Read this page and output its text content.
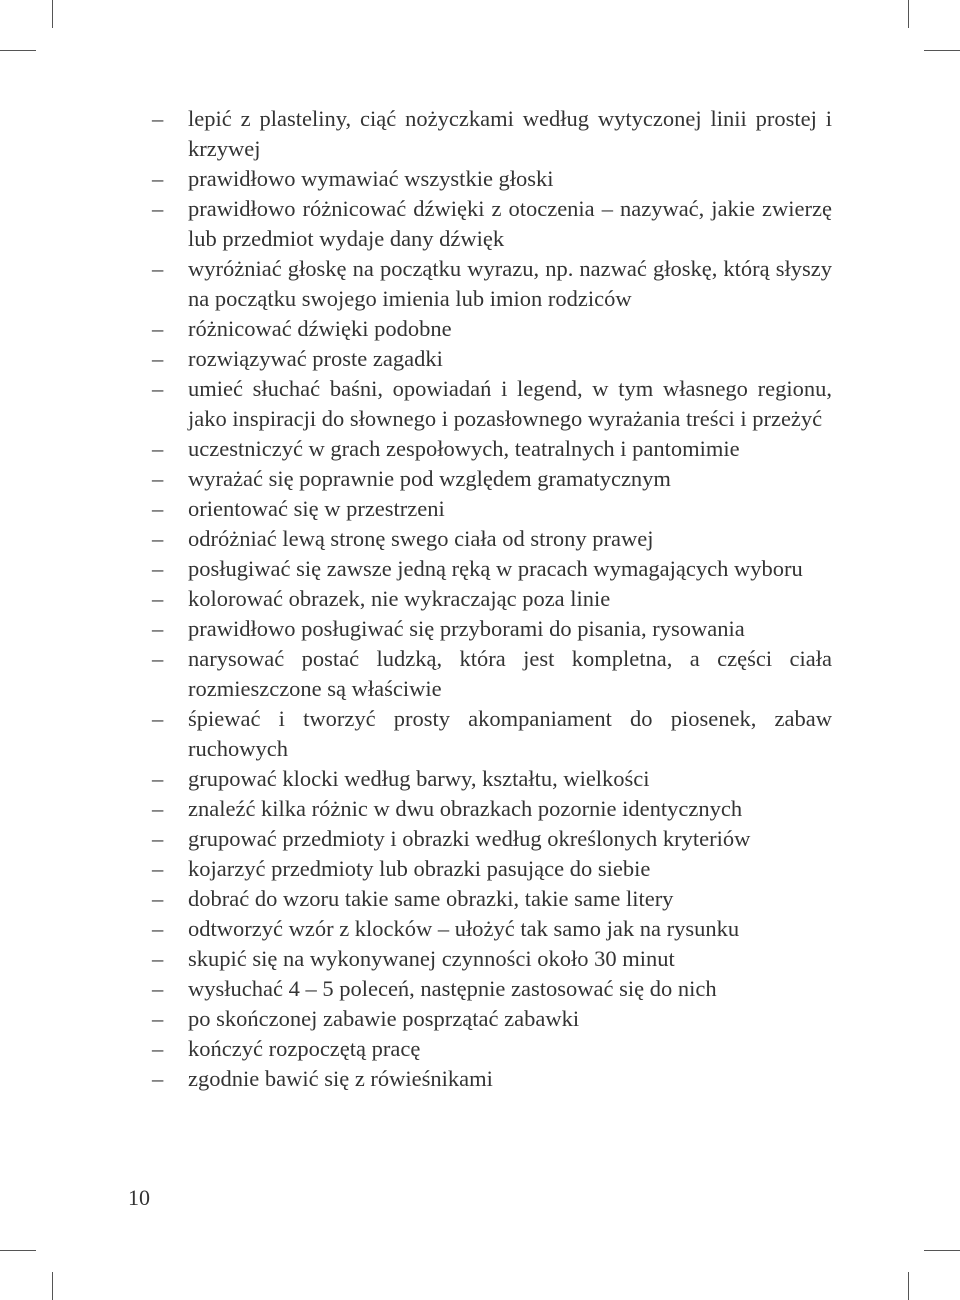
–	lepić z plasteliny, ciąć nożyczkami według wytyczonej linii prostej i krzywej
–	prawidłowo wymawiać wszystkie głoski
–	prawidłowo różnicować dźwięki z otoczenia – nazywać, jakie zwierzę lub przedmiot wydaje dany dźwięk
–	wyróżniać głoskę na początku wyrazu, np. nazwać głoskę, którą słyszy na początku swojego imienia lub imion rodziców
–	różnicować dźwięki podobne
–	rozwiązywać proste zagadki
–	umieć słuchać baśni, opowiadań i legend, w tym własnego regionu, jako inspiracji do słownego i pozasłownego wyrażania treści i przeżyć
–	uczestniczyć w grach zespołowych, teatralnych i pantomimie
–	wyrażać się poprawnie pod względem gramatycznym
–	orientować się w przestrzeni
–	odróżniać lewą stronę swego ciała od strony prawej
–	posługiwać się zawsze jedną ręką w pracach wymagających wyboru
–	kolorować obrazek, nie wykraczając poza linie
–	prawidłowo posługiwać się przyborami do pisania, rysowania
–	narysować postać ludzką, która jest kompletna, a części ciała rozmieszczone są właściwie
–	śpiewać i tworzyć prosty akompaniament do piosenek, zabaw ruchowych
–	grupować klocki według barwy, kształtu, wielkości
–	znaleźć kilka różnic w dwu obrazkach pozornie identycznych
–	grupować przedmioty i obrazki według określonych kryteriów
–	kojarzyć przedmioty lub obrazki pasujące do siebie
–	dobrać do wzoru takie same obrazki, takie same litery
–	odtworzyć wzór z klocków – ułożyć tak samo jak na rysunku
–	skupić się na wykonywanej czynności około 30 minut
–	wysłuchać 4 – 5 poleceń, następnie zastosować się do nich
–	po skończonej zabawie posprzątać zabawki
–	kończyć rozpoczętą pracę
–	zgodnie bawić się z rówieśnikami
10
